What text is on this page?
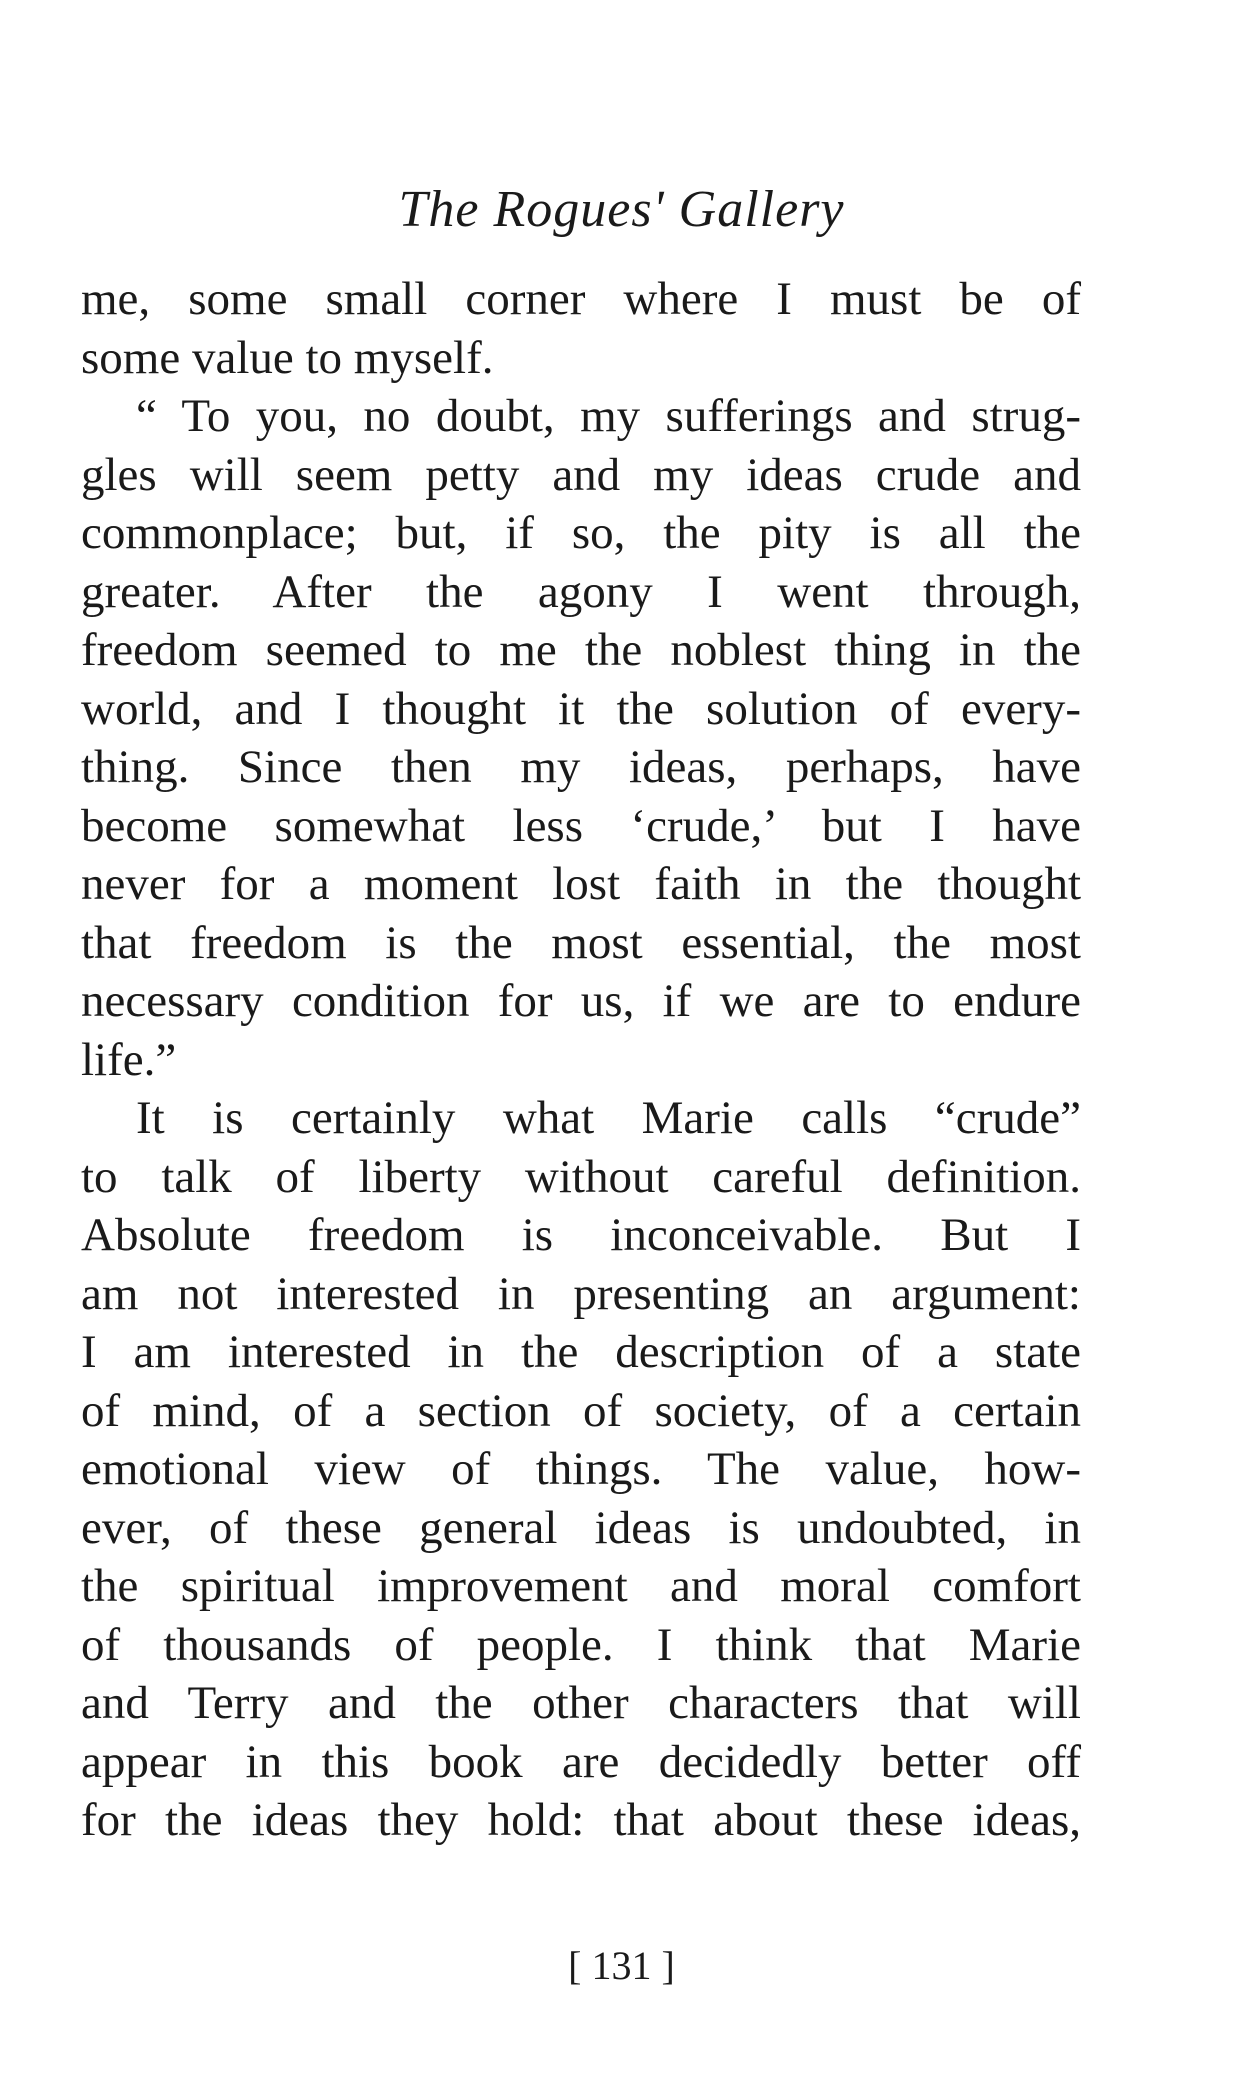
The Rogues' Gallery
me, some small corner where I must be of
some value to myself.
“ To you, no doubt, my sufferings and strug-
gles will seem petty and my ideas crude and
commonplace; but, if so, the pity is all the
greater. After the agony I went through,
freedom seemed to me the noblest thing in the
world, and I thought it the solution of every-
thing. Since then my ideas, perhaps, have
become somewhat less ‘crude,’ but I have
never for a moment lost faith in the thought
that freedom is the most essential, the most
necessary condition for us, if we are to endure
life.”
It is certainly what Marie calls “crude”
to talk of liberty without careful definition.
Absolute freedom is inconceivable. But I
am not interested in presenting an argument:
I am interested in the description of a state
of mind, of a section of society, of a certain
emotional view of things. The value, how-
ever, of these general ideas is undoubted, in
the spiritual improvement and moral comfort
of thousands of people. I think that Marie
and Terry and the other characters that will
appear in this book are decidedly better off
for the ideas they hold: that about these ideas,
[ 131 ]
